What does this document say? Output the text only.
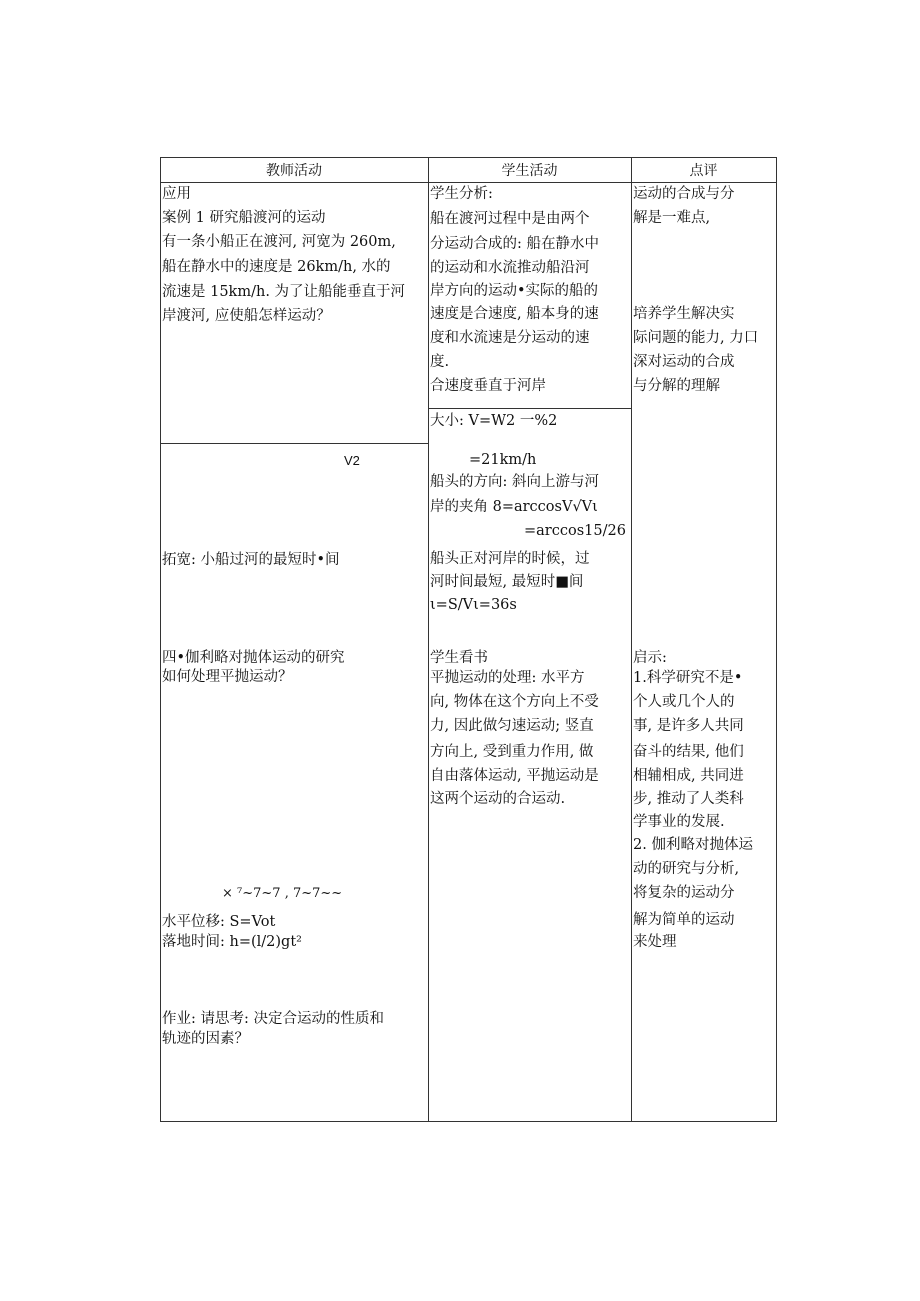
教师活动	学生活动	点评
应用
案例 1 研究船渡河的运动
有一条小船正在渡河, 河宽为 260m,
船在静水中的速度是 26km/h, 水的
流速是 15km/h. 为了让船能垂直于河
岸渡河, 应使船怎样运动？
V2
拓宽: 小船过河的最短时•间
四•伽利略对抛体运动的研究
如何处理平抛运动？
× ⁷~7~7 , 7~7~~
水平位移: S=Vot
落地时间: h=(l/2)gt²
作业: 请思考: 决定合运动的性质和
轨迹的因素？
学生分析:
船在渡河过程中是由两个
分运动合成的: 船在静水中
的运动和水流推动船沿河
岸方向的运动•实际的船的
速度是合速度, 船本身的速
度和水流速是分运动的速
度.
合速度垂直于河岸
大小: V=W2 一%2
=21km/h
船头的方向: 斜向上游与河
岸的夹角 8=arccosV√Vι
=arccos15/26
船头正对河岸的时候，过
河时间最短, 最短时■间
ι=S/Vι=36s
学生看书
平抛运动的处理: 水平方
向, 物体在这个方向上不受
力, 因此做匀速运动; 竖直
方向上, 受到重力作用, 做
自由落体运动, 平抛运动是
这两个运动的合运动.
运动的合成与分
解是一难点,
培养学生解决实
际问题的能力, 力口
深对运动的合成
与分解的理解
启示:
1.科学研究不是•
个人或几个人的
事, 是许多人共同
奋斗的结果, 他们
相辅相成, 共同进
步, 推动了人类科
学事业的发展.
2. 伽利略对抛体运
动的研究与分析,
将复杂的运动分
解为简单的运动
来处理
